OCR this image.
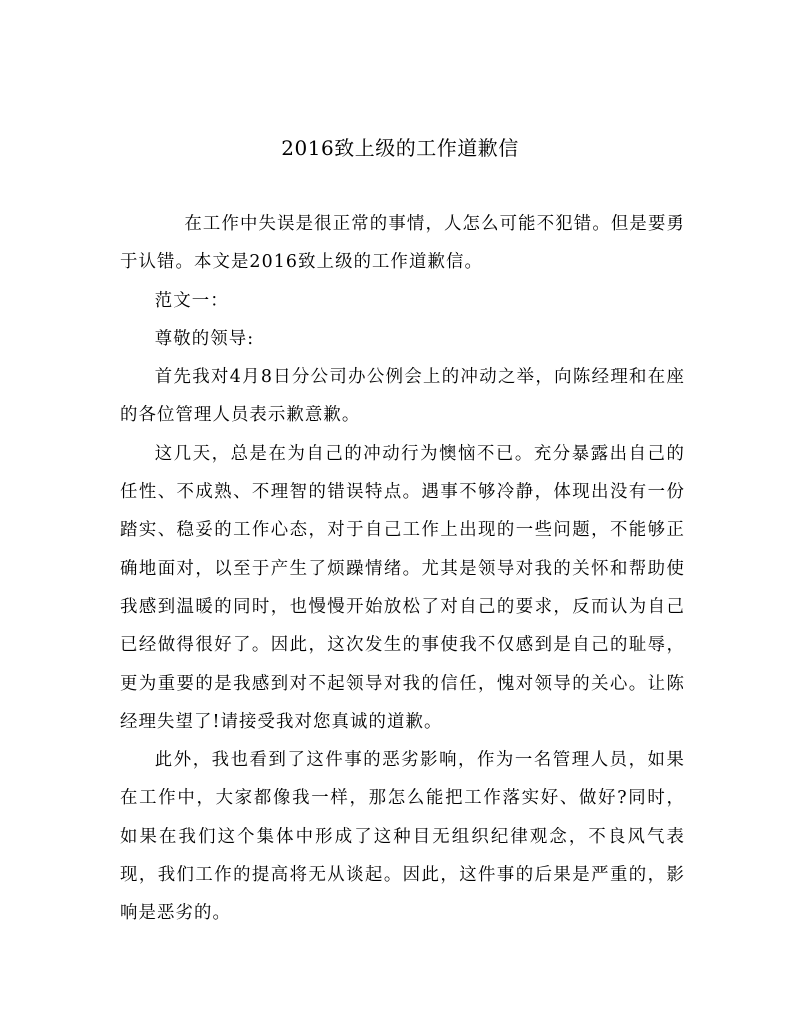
2016致上级的工作道歉信

在工作中失误是很正常的事情，人怎么可能不犯错。但是要勇于认错。本文是2016致上级的工作道歉信。

范文一：

尊敬的领导:

首先我对4月8日分公司办公例会上的冲动之举，向陈经理和在座的各位管理人员表示歉意歉。

这几天，总是在为自己的冲动行为懊恼不已。充分暴露出自己的任性、不成熟、不理智的错误特点。遇事不够冷静，体现出没有一份踏实、稳妥的工作心态，对于自己工作上出现的一些问题，不能够正确地面对，以至于产生了烦躁情绪。尤其是领导对我的关怀和帮助使我感到温暖的同时，也慢慢开始放松了对自己的要求，反而认为自己已经做得很好了。因此，这次发生的事使我不仅感到是自己的耻辱，更为重要的是我感到对不起领导对我的信任，愧对领导的关心。让陈经理失望了!请接受我对您真诚的道歉。

此外，我也看到了这件事的恶劣影响，作为一名管理人员，如果在工作中，大家都像我一样，那怎么能把工作落实好、做好?同时，如果在我们这个集体中形成了这种目无组织纪律观念，不良风气表现，我们工作的提高将无从谈起。因此，这件事的后果是严重的，影响是恶劣的。
